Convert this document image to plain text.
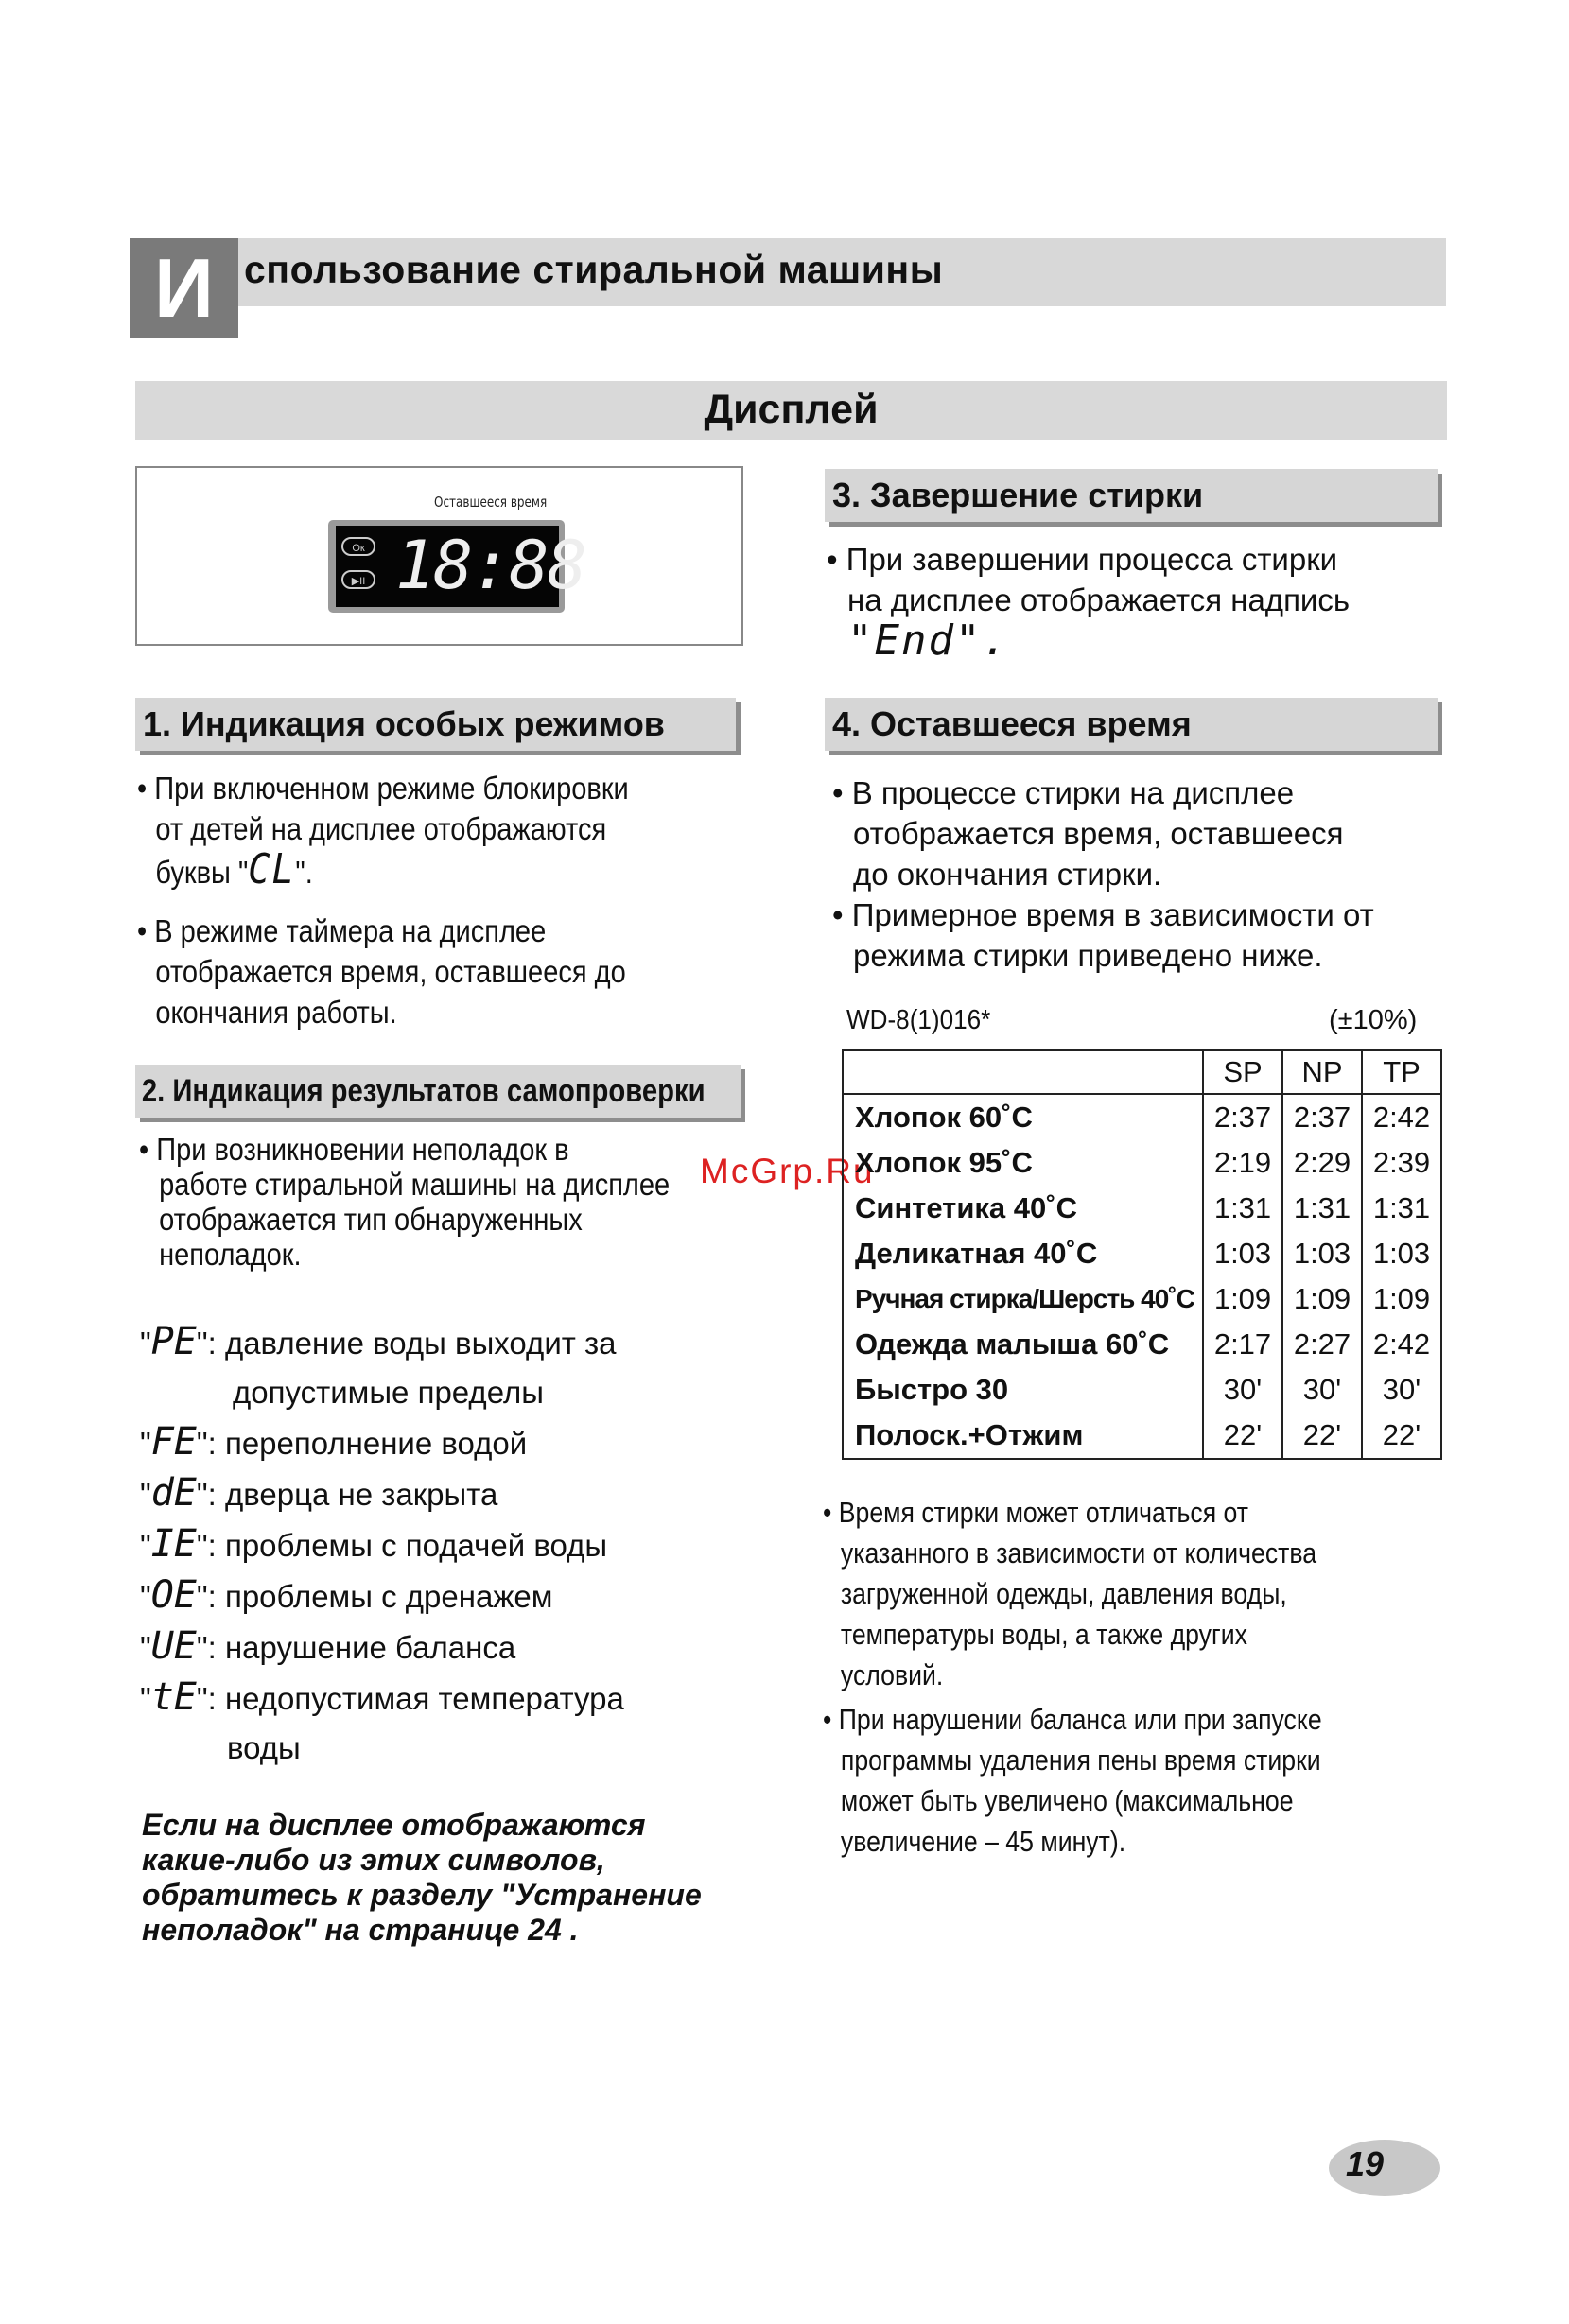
И спользование стиральной машины
Дисплей
Оставшееся время
Ок
▶II 18:88
1. Индикация особых режимов
• При включенном режиме блокировки
от детей на дисплее отображаются
буквы "CL".
• В режиме таймера на дисплее
отображается время, оставшееся до
окончания работы.
2. Индикация результатов самопроверки
• При возникновении неполадок в
работе стиральной машины на дисплее
отображается тип обнаруженных
неполадок.
"PE": давление воды выходит за
допустимые пределы
"FE": переполнение водой
"dE": дверца не закрыта
"IE": проблемы с подачей воды
"OE": проблемы с дренажем
"UE": нарушение баланса
"tE": недопустимая температура
воды
Если на дисплее отображаются
какие-либо из этих символов,
обратитесь к разделу "Устранение
неполадок" на странице 24 .
McGrp.Ru
3. Завершение стирки
• При завершении процесса стирки
на дисплее отображается надпись
"End".
4. Оставшееся время
• В процессе стирки на дисплее
отображается время, оставшееся
до окончания стирки.
• Примерное время в зависимости от
режима стирки приведено ниже.
WD-8(1)016*	(±10%)
	SP	NP	TP
Хлопок 60˚C	2:37	2:37	2:42
Хлопок 95˚C	2:19	2:29	2:39
Синтетика 40˚C	1:31	1:31	1:31
Деликатная 40˚C	1:03	1:03	1:03
Ручная стирка/Шерсть 40˚C	1:09	1:09	1:09
Одежда малыша 60˚C	2:17	2:27	2:42
Быстро 30	30'	30'	30'
Полоск.+Отжим	22'	22'	22'
• Время стирки может отличаться от
указанного в зависимости от количества
загруженной одежды, давления воды,
температуры воды, а также других
условий.
• При нарушении баланса или при запуске
программы удаления пены время стирки
может быть увеличено (максимальное
увеличение – 45 минут).
19
